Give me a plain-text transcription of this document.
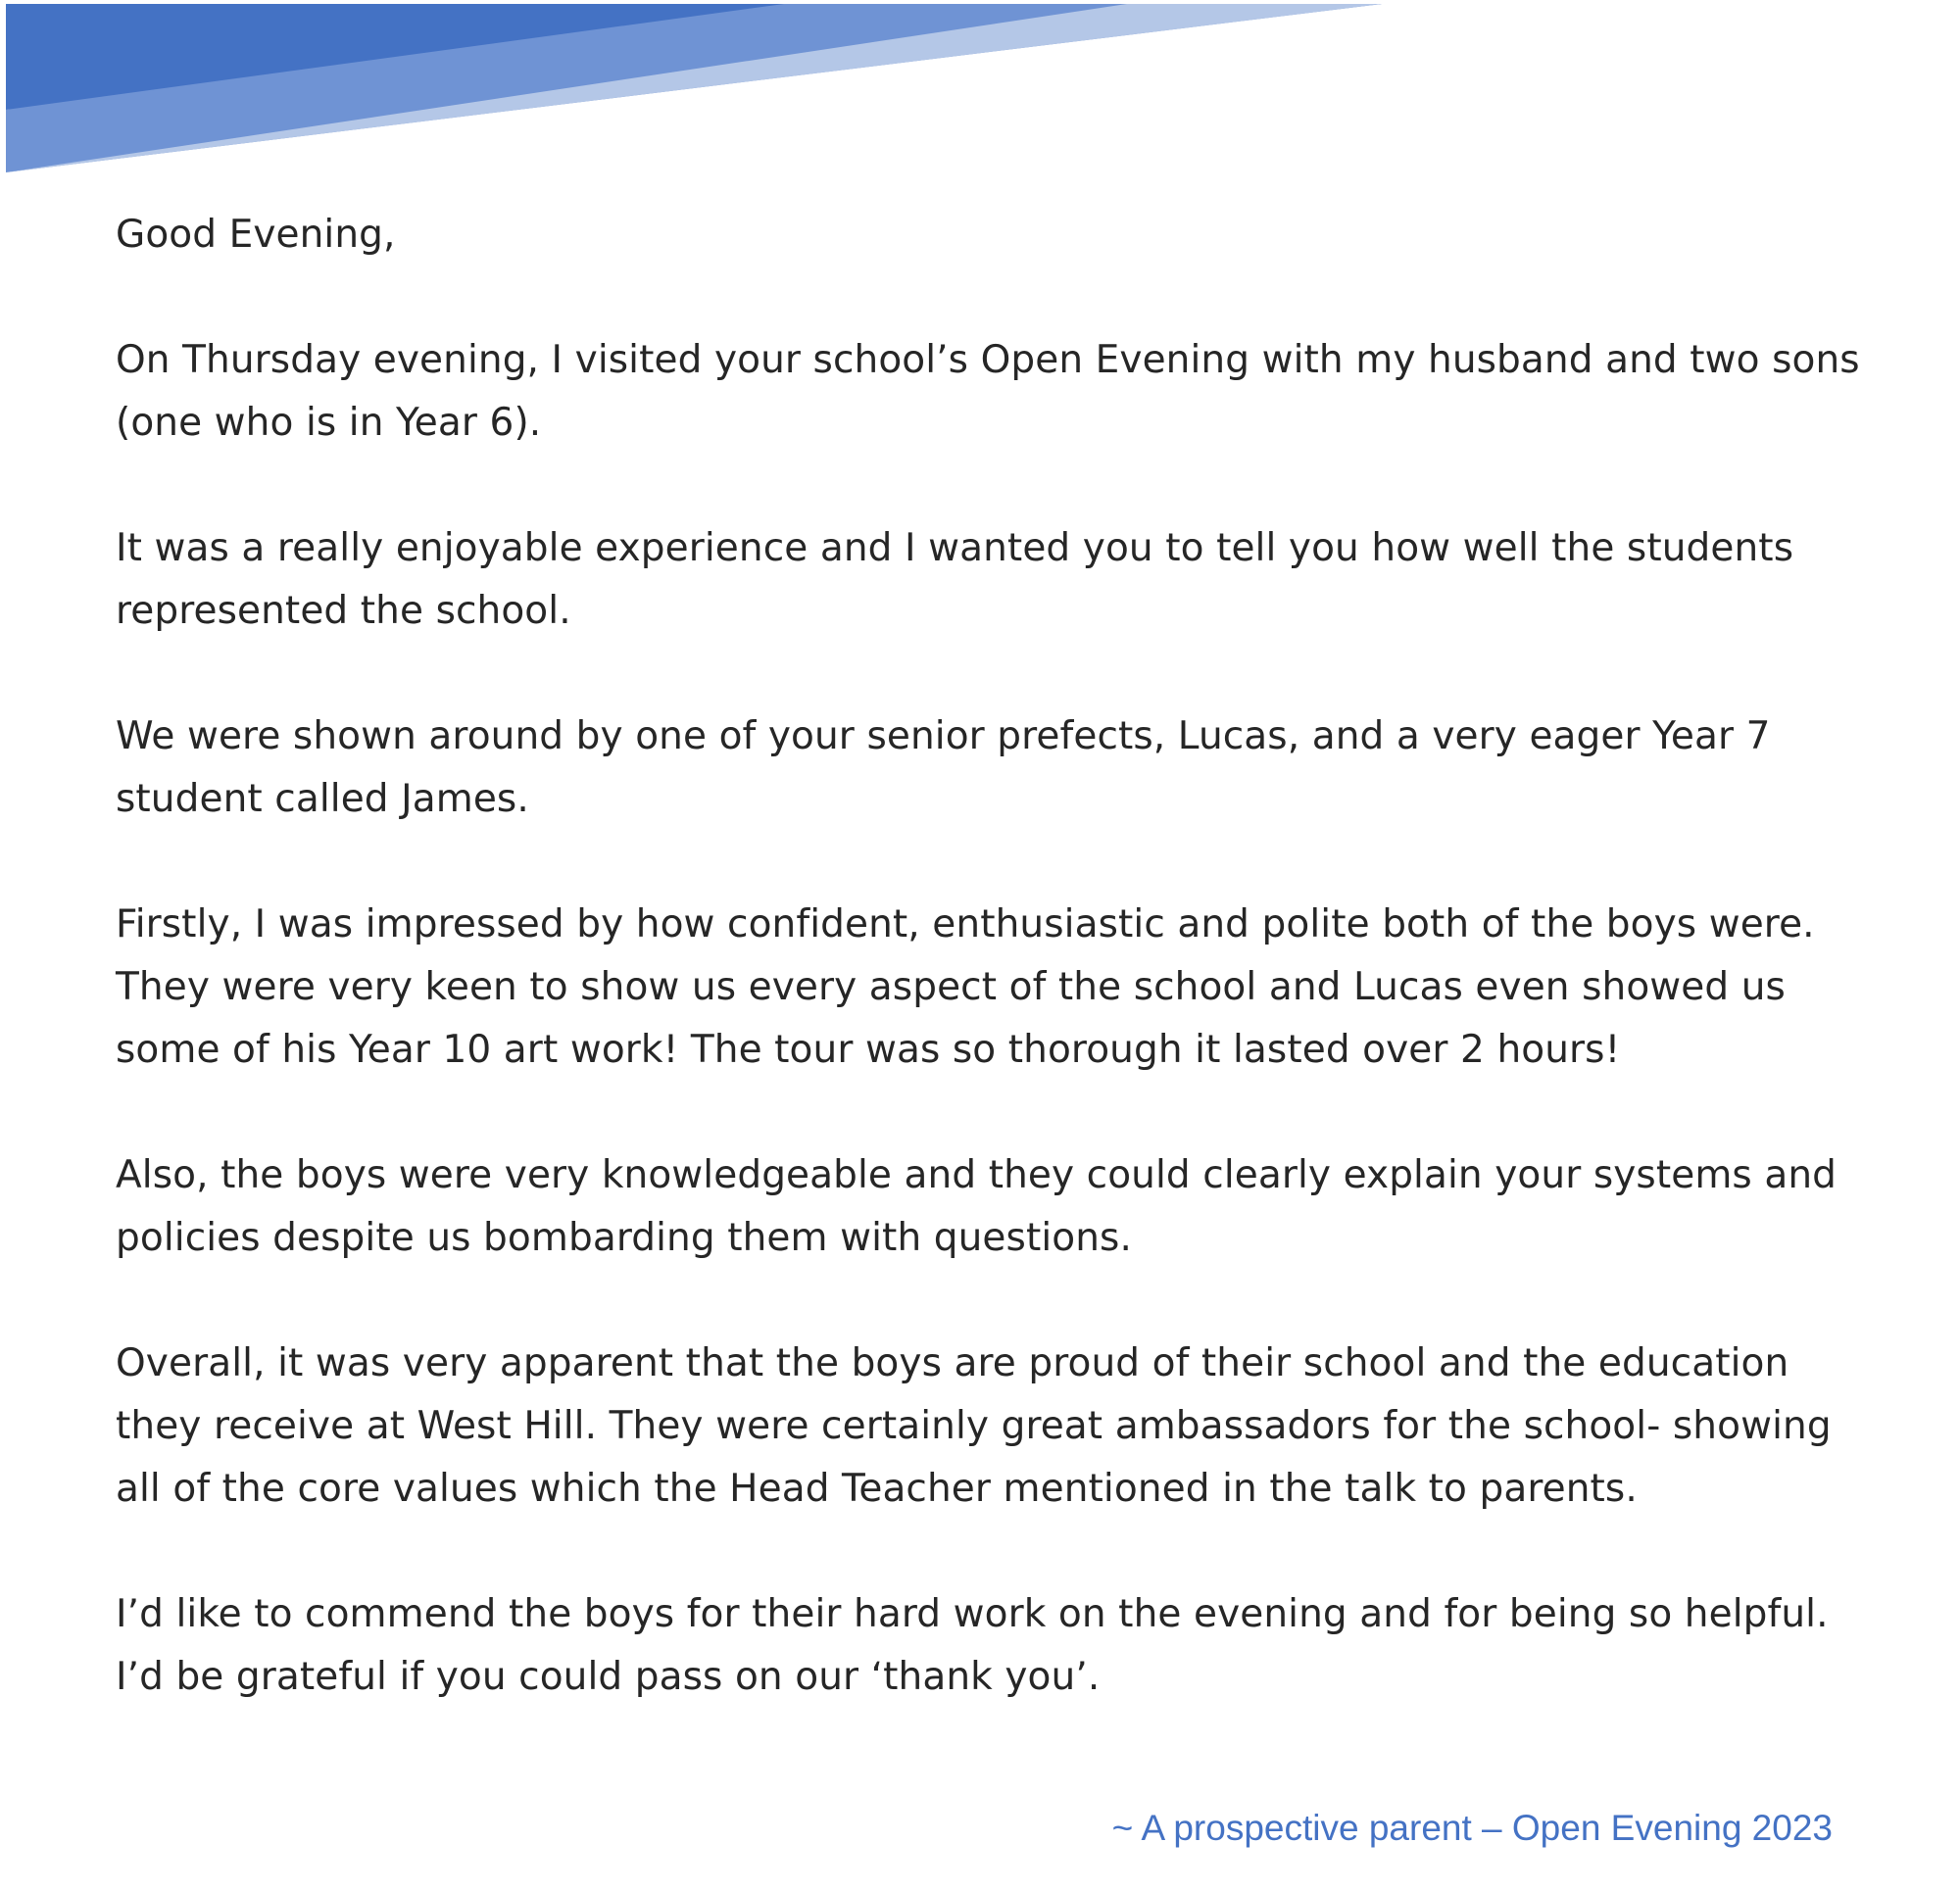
Good Evening,

On Thursday evening, I visited your school’s Open Evening with my husband and two sons (one who is in Year 6).

It was a really enjoyable experience and I wanted you to tell you how well the students represented the school.

We were shown around by one of your senior prefects, Lucas, and a very eager Year 7 student called James.

Firstly, I was impressed by how confident, enthusiastic and polite both of the boys were. They were very keen to show us every aspect of the school and Lucas even showed us some of his Year 10 art work! The tour was so thorough it lasted over 2 hours!

Also, the boys were very knowledgeable and they could clearly explain your systems and policies despite us bombarding them with questions.

Overall, it was very apparent that the boys are proud of their school and the education they receive at West Hill. They were certainly great ambassadors for the school- showing all of the core values which the Head Teacher mentioned in the talk to parents.

I’d like to commend the boys for their hard work on the evening and for being so helpful. I’d be grateful if you could pass on our ‘thank you’.

~ A prospective parent – Open Evening 2023
